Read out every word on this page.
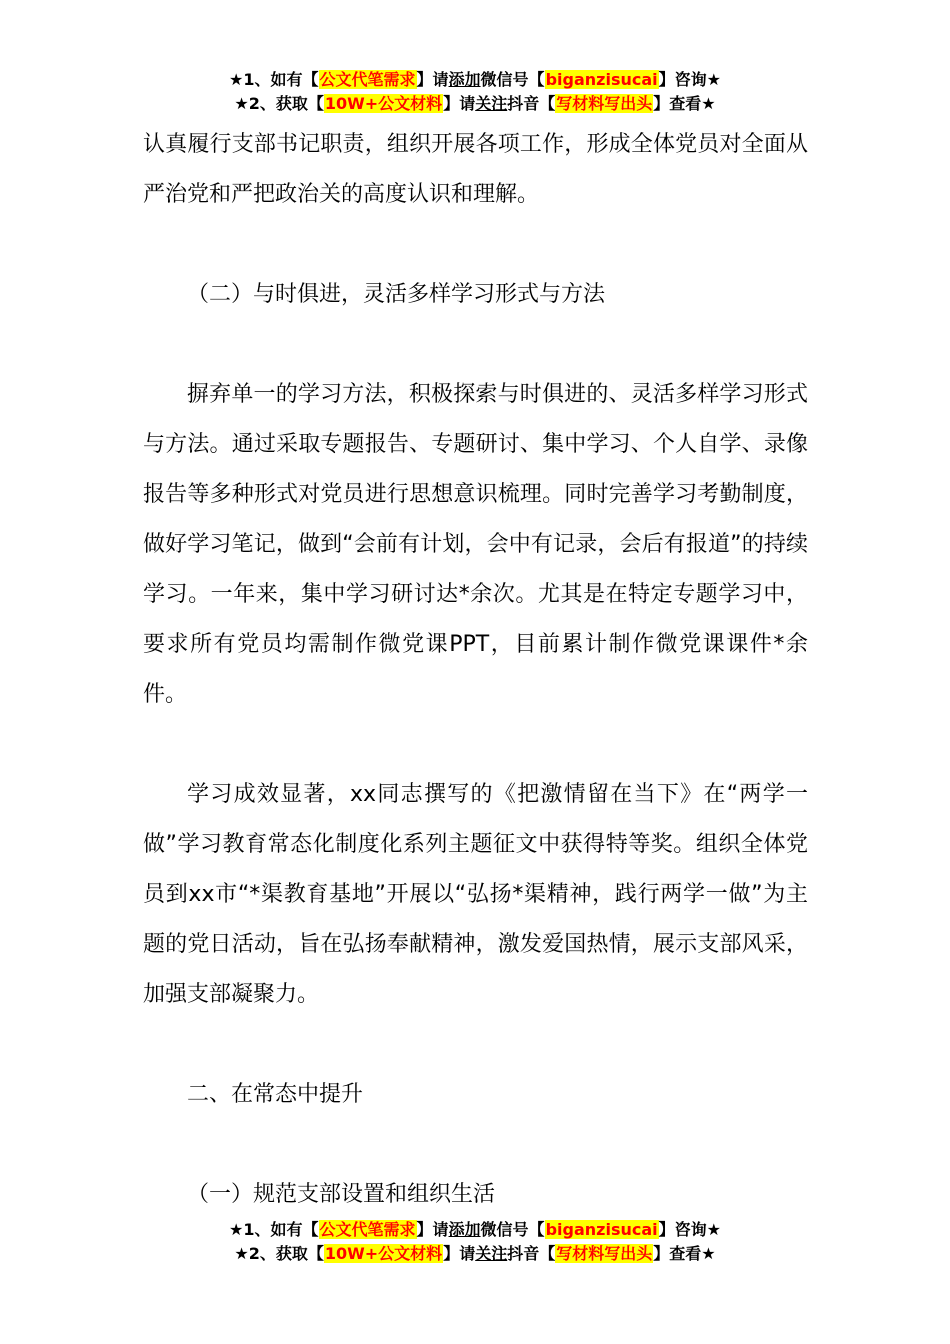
★1、如有【公文代笔需求】请添加微信号【biganzisucai】咨询★
★2、获取【10W+公文材料】请关注抖音【写材料写出头】查看★

认真履行支部书记职责，组织开展各项工作，形成全体党员对全面从严治党和严把政治关的高度认识和理解。

（二）与时俱进，灵活多样学习形式与方法

摒弃单一的学习方法，积极探索与时俱进的、灵活多样学习形式与方法。通过采取专题报告、专题研讨、集中学习、个人自学、录像报告等多种形式对党员进行思想意识梳理。同时完善学习考勤制度，做好学习笔记，做到“会前有计划，会中有记录，会后有报道”的持续学习。一年来，集中学习研讨达*余次。尤其是在特定专题学习中，要求所有党员均需制作微党课PPT，目前累计制作微党课课件*余件。

学习成效显著，xx同志撰写的《把激情留在当下》在“两学一做”学习教育常态化制度化系列主题征文中获得特等奖。组织全体党员到xx市“*渠教育基地”开展以“弘扬*渠精神，践行两学一做”为主题的党日活动，旨在弘扬奉献精神，激发爱国热情，展示支部风采，加强支部凝聚力。

二、在常态中提升

（一）规范支部设置和组织生活

★1、如有【公文代笔需求】请添加微信号【biganzisucai】咨询★
★2、获取【10W+公文材料】请关注抖音【写材料写出头】查看★
